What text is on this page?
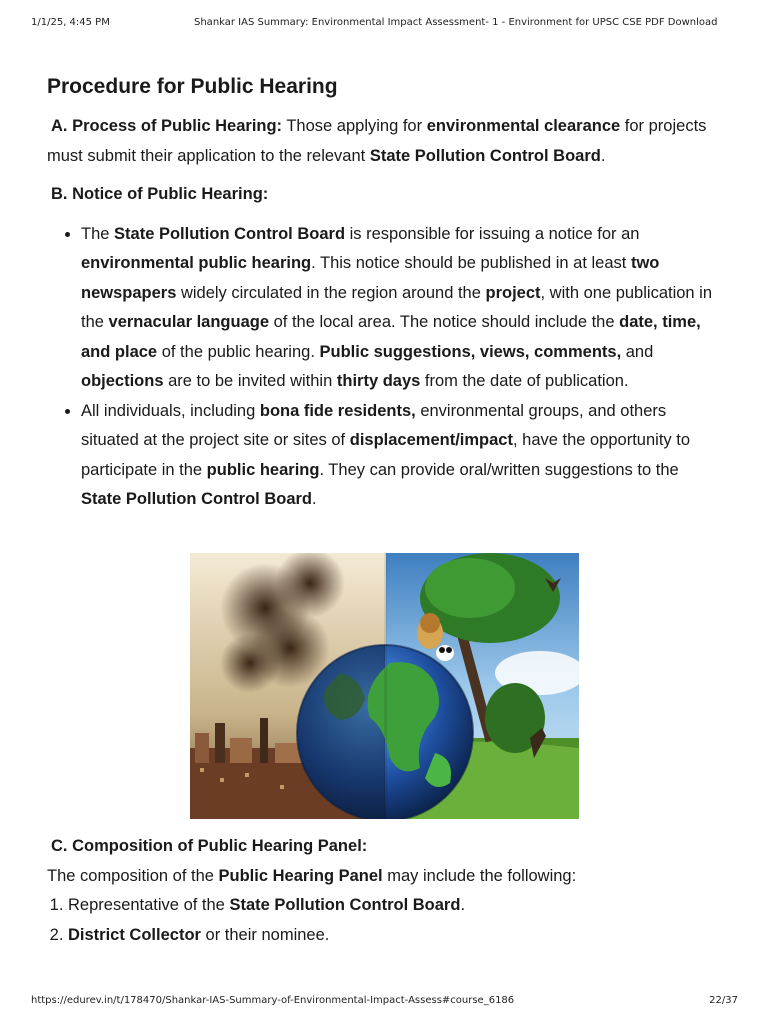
1/1/25, 4:45 PM	Shankar IAS Summary: Environmental Impact Assessment- 1 - Environment for UPSC CSE PDF Download
Procedure for Public Hearing

A. Process of Public Hearing: Those applying for environmental clearance for projects must submit their application to the relevant State Pollution Control Board.

B. Notice of Public Hearing:

• The State Pollution Control Board is responsible for issuing a notice for an environmental public hearing. This notice should be published in at least two newspapers widely circulated in the region around the project, with one publication in the vernacular language of the local area. The notice should include the date, time, and place of the public hearing. Public suggestions, views, comments, and objections are to be invited within thirty days from the date of publication.
• All individuals, including bona fide residents, environmental groups, and others situated at the project site or sites of displacement/impact, have the opportunity to participate in the public hearing. They can provide oral/written suggestions to the State Pollution Control Board.

C. Composition of Public Hearing Panel:

The composition of the Public Hearing Panel may include the following:

1. Representative of the State Pollution Control Board.
2. District Collector or their nominee.
https://edurev.in/t/178470/Shankar-IAS-Summary-of-Environmental-Impact-Assess#course_6186	22/37
